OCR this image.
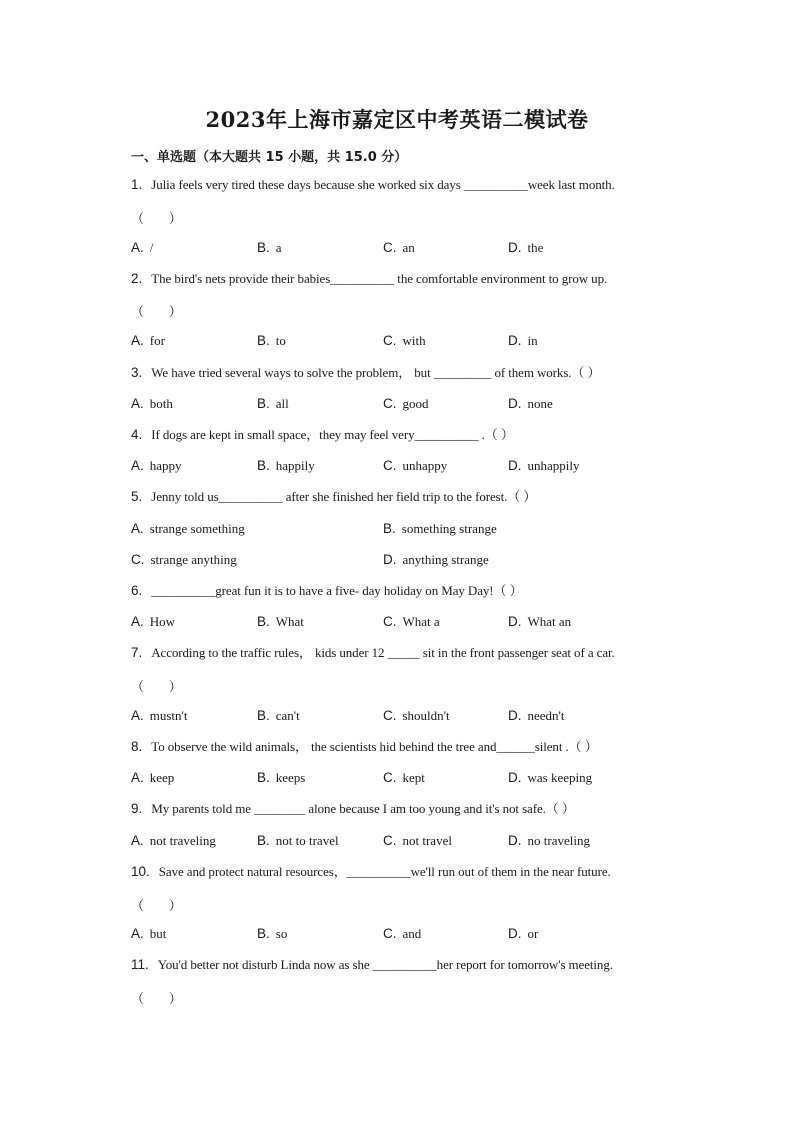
2023年上海市嘉定区中考英语二模试卷
一、单选题（本大题共 15 小题，共 15.0 分）
1. Julia feels very tired these days because she worked six days __________week last month.
（      ）
A. /	B. a	C. an	D. the
2. The bird's nets provide their babies__________ the comfortable environment to grow up.
（      ）
A. for	B. to	C. with	D. in
3. We have tried several ways to solve the problem， but _________ of them works.（ ）
A. both	B. all	C. good	D. none
4. If dogs are kept in small space，they may feel very__________ .（ ）
A. happy	B. happily	C. unhappy	D. unhappily
5. Jenny told us__________ after she finished her field trip to the forest.（ ）
A. strange something	B. something strange
C. strange anything	D. anything strange
6. __________great fun it is to have a five- day holiday on May Day!（ ）
A. How	B. What	C. What a	D. What an
7. According to the traffic rules， kids under 12 _____ sit in the front passenger seat of a car.
（      ）
A. mustn't	B. can't	C. shouldn't	D. needn't
8. To observe the wild animals， the scientists hid behind the tree and______silent .（ ）
A. keep	B. keeps	C. kept	D. was keeping
9. My parents told me ________ alone because I am too young and it's not safe.（ ）
A. not traveling	B. not to travel	C. not travel	D. no traveling
10. Save and protect natural resources，__________we'll run out of them in the near future.
（      ）
A. but	B. so	C. and	D. or
11. You'd better not disturb Linda now as she __________her report for tomorrow's meeting.
（      ）
